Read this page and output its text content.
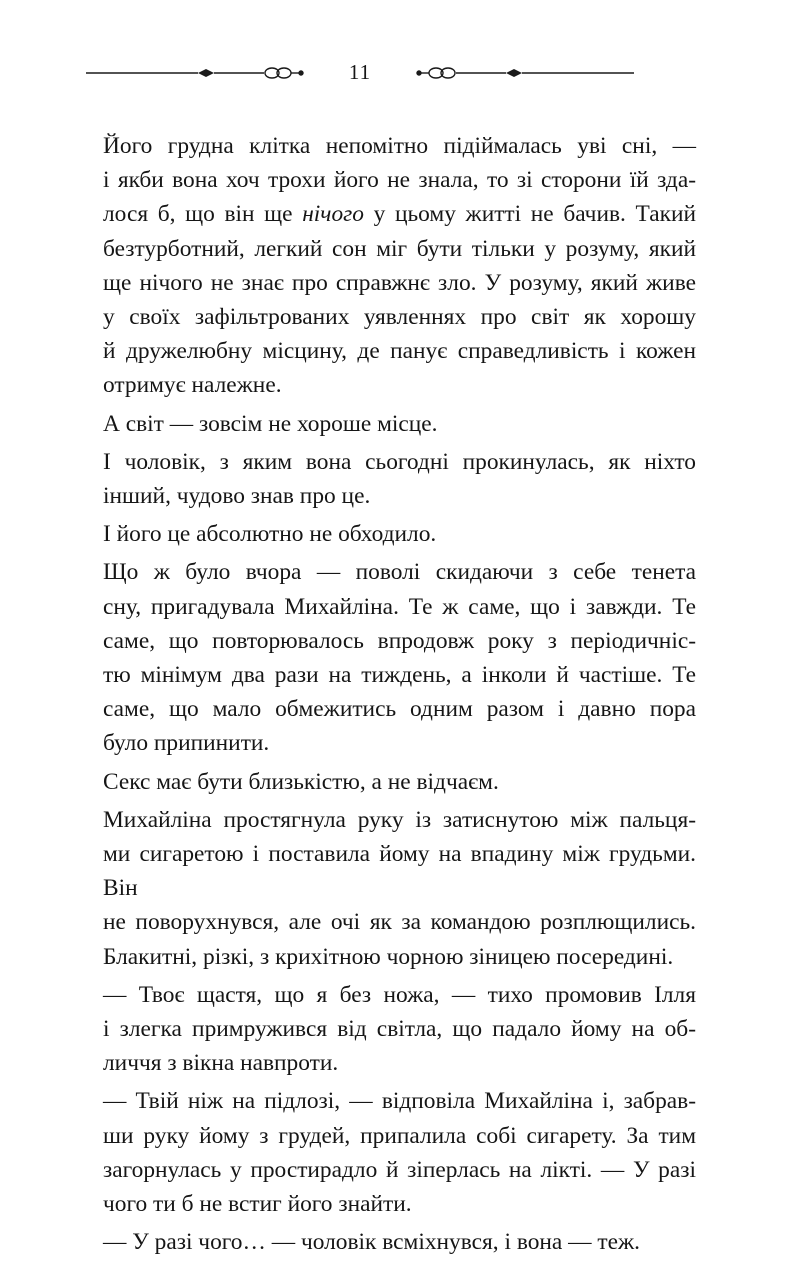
11
Його грудна клітка непомітно підіймалась уві сні, —
і якби вона хоч трохи його не знала, то зі сторони їй зда-
лося б, що він ще нічого у цьому житті не бачив. Такий
безтурботний, легкий сон міг бути тільки у розуму, який
ще нічого не знає про справжнє зло. У розуму, який живе
у своїх зафільтрованих уявленнях про світ як хорошу
й дружелюбну місцину, де панує справедливість і кожен
отримує належне.
А світ — зовсім не хороше місце.
І чоловік, з яким вона сьогодні прокинулась, як ніхто
інший, чудово знав про це.
І його це абсолютно не обходило.
Що ж було вчора — поволі скидаючи з себе тенета
сну, пригадувала Михайліна. Те ж саме, що і завжди. Те
саме, що повторювалось впродовж року з періодичніс-
тю мінімум два рази на тиждень, а інколи й частіше. Те
саме, що мало обмежитись одним разом і давно пора
було припинити.
Секс має бути близькістю, а не відчаєм.
Михайліна простягнула руку із затиснутою між пальця-
ми сигаретою і поставила йому на впадину між грудьми. Він
не поворухнувся, але очі як за командою розплющились.
Блакитні, різкі, з крихітною чорною зіницею посередині.
— Твоє щастя, що я без ножа, — тихо промовив Ілля
і злегка примружився від світла, що падало йому на об-
личчя з вікна навпроти.
— Твій ніж на підлозі, — відповіла Михайліна і, забрав-
ши руку йому з грудей, припалила собі сигарету. За тим
загорнулась у простирадло й зіперлась на лікті. — У разі
чого ти б не встиг його знайти.
— У разі чого… — чоловік всміхнувся, і вона — теж.
